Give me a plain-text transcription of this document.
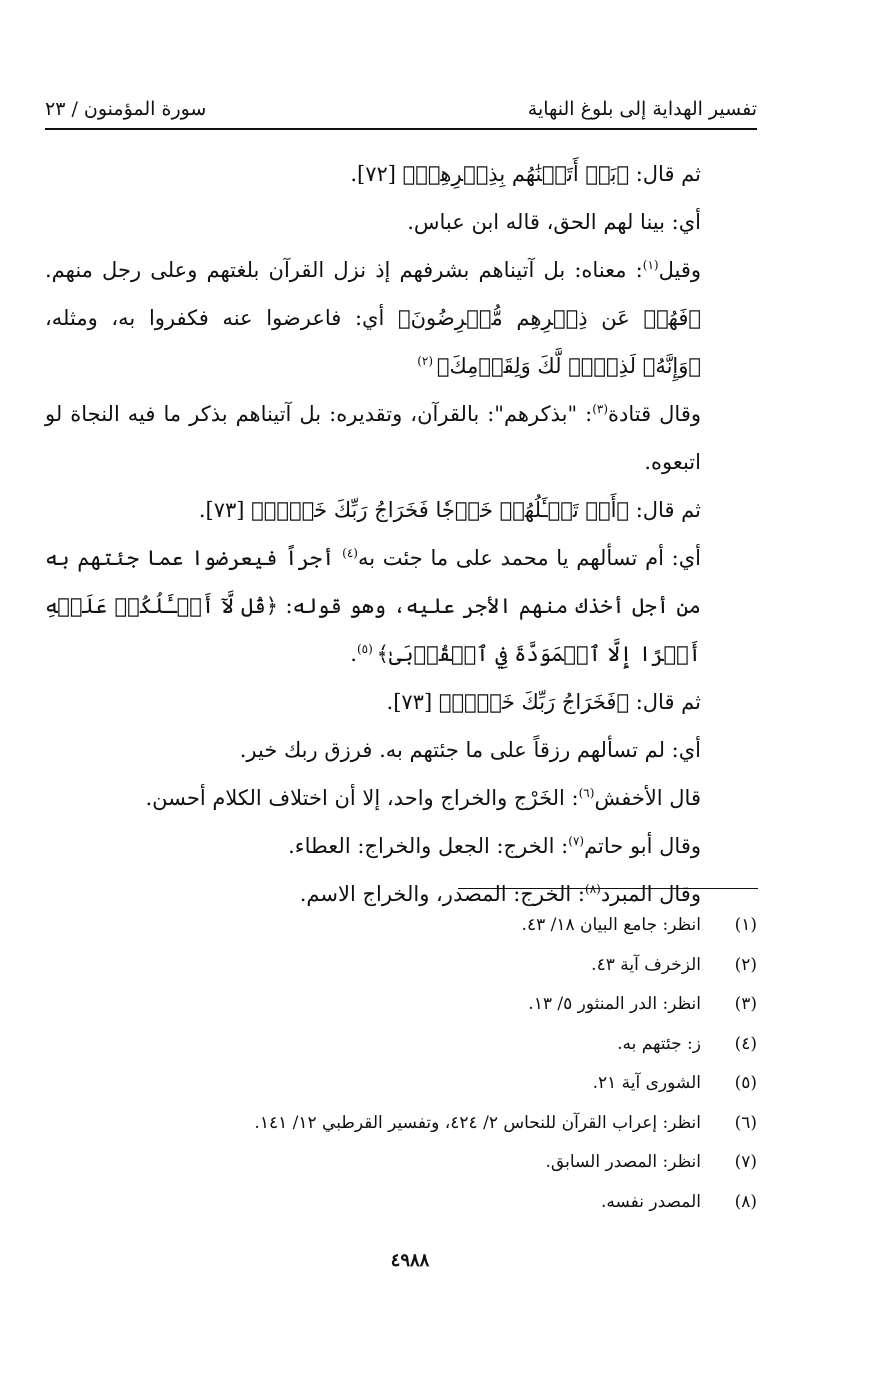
تفسير الهداية إلى بلوغ النهاية
سورة المؤمنون / ٢٣

ثم قال: ﴿بَلۡ أَتَيۡنَٰهُم بِذِكۡرِهِمۡ﴾ [٧٢].

أي: بينا لهم الحق، قاله ابن عباس.

وقيل$^{(١)}$: معناه: بل آتيناهم بشرفهم إذ نزل القرآن بلغتهم وعلى رجل منهم. ﴿فَهُمۡ عَن ذِكۡرِهِم مُّعۡرِضُونَ﴾ أي: فاعرضوا عنه فكفروا به، ومثله، ﴿وَإِنَّهُۥ لَذِكۡرٞ لَّكَ وَلِقَوۡمِكَ﴾ $^{(٢)}$

وقال قتادة$^{(٣)}$: "بذكرهم": بالقرآن، وتقديره: بل آتيناهم بذكر ما فيه النجاة لو اتبعوه.

ثم قال: ﴿أَمۡ تَسۡـَٔلُهُمۡ خَرۡجٗا فَخَرَاجُ رَبِّكَ خَيۡرٞ﴾ [٧٣].

أي: أم تسألهم يا محمد على ما جئت به$^{(٤)}$ أجراً فيعرضوا عما جئتهم به من أجل أخذك منهم الأجر عليه، وهو قوله: ﴿قُل لَّآ أَسۡـَٔلُكُمۡ عَلَيۡهِ أَجۡرًا إِلَّا ٱلۡمَوَدَّةَ فِي ٱلۡقُرۡبَىٰ﴾ $^{(٥)}$.

ثم قال: ﴿فَخَرَاجُ رَبِّكَ خَيۡرٞ﴾ [٧٣].

أي: لم تسألهم رزقاً على ما جئتهم به. فرزق ربك خير.

قال الأخفش$^{(٦)}$: الخَرْج والخراج واحد، إلا أن اختلاف الكلام أحسن.

وقال أبو حاتم$^{(٧)}$: الخرج: الجعل والخراج: العطاء.

وقال المبرد$^{(٨)}$: الخرج: المصدر، والخراج الاسم.

(١)
انظر: جامع البيان ١٨/ ٤٣.
(٢)
الزخرف آية ٤٣.
(٣)
انظر: الدر المنثور ٥/ ١٣.
(٤)
ز: جئتهم به.
(٥)
الشورى آية ٢١.
(٦)
انظر: إعراب القرآن للنحاس ٢/ ٤٢٤، وتفسير القرطبي ١٢/ ١٤١.
(٧)
انظر: المصدر السابق.
(٨)
المصدر نفسه.
٤٩٨٨
